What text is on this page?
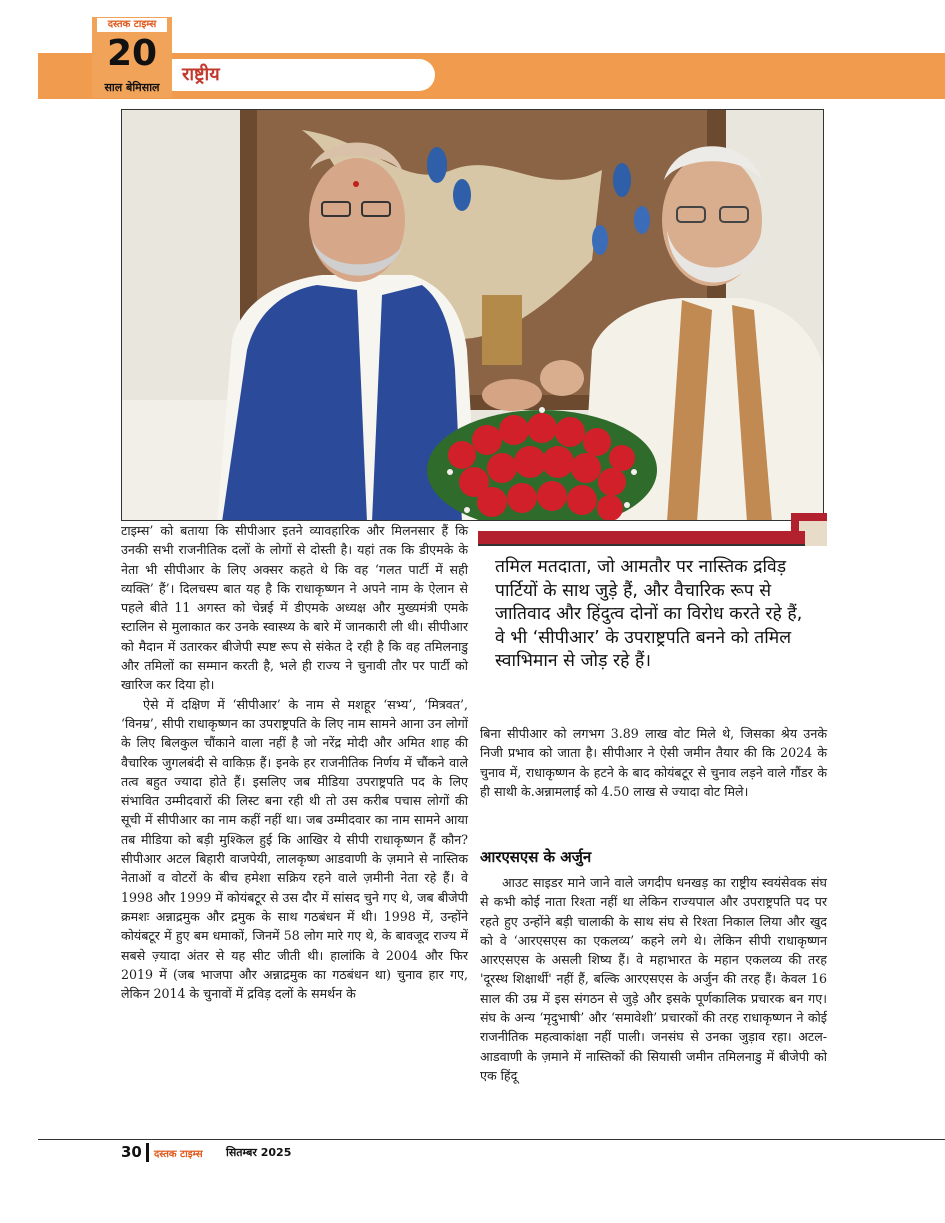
राष्ट्रीय
दस्तक टाइम्स
20
साल बेमिसाल

तमिल मतदाता, जो आमतौर पर नास्तिक द्रविड़ पार्टियों के साथ जुड़े हैं, और वैचारिक रूप से जातिवाद और हिंदुत्व दोनों का विरोध करते रहे हैं, वे भी ‘सीपीआर’ के उपराष्ट्रपति बनने को तमिल स्वाभिमान से जोड़ रहे हैं।

टाइम्स’ को बताया कि सीपीआर इतने व्यावहारिक और मिलनसार हैं कि उनकी सभी राजनीतिक दलों के लोगों से दोस्ती है। यहां तक कि डीएमके के नेता भी सीपीआर के लिए अक्सर कहते थे कि वह ‘गलत पार्टी में सही व्यक्ति’ हैं’। दिलचस्प बात यह है कि राधाकृष्णन ने अपने नाम के ऐलान से पहले बीते 11 अगस्त को चेन्नई में डीएमके अध्यक्ष और मुख्यमंत्री एमके स्टालिन से मुलाकात कर उनके स्वास्थ्य के बारे में जानकारी ली थी। सीपीआर को मैदान में उतारकर बीजेपी स्पष्ट रूप से संकेत दे रही है कि वह तमिलनाडु और तमिलों का सम्मान करती है, भले ही राज्य ने चुनावी तौर पर पार्टी को खारिज कर दिया हो।

ऐसे में दक्षिण में ‘सीपीआर’ के नाम से मशहूर ‘सभ्य’, ‘मित्रवत’, ‘विनम्र’, सीपी राधाकृष्णन का उपराष्ट्रपति के लिए नाम सामने आना उन लोगों के लिए बिलकुल चौंकाने वाला नहीं है जो नरेंद्र मोदी और अमित शाह की वैचारिक जुगलबंदी से वाकिफ़ हैं। इनके हर राजनीतिक निर्णय में चौंकने वाले तत्व बहुत ज्यादा होते हैं। इसलिए जब मीडिया उपराष्ट्रपति पद के लिए संभावित उम्मीदवारों की लिस्ट बना रही थी तो उस करीब पचास लोगों की सूची में सीपीआर का नाम कहीं नहीं था। जब उम्मीदवार का नाम सामने आया तब मीडिया को बड़ी मुश्किल हुई कि आखिर ये सीपी राधाकृष्णन हैं कौन? सीपीआर अटल बिहारी वाजपेयी, लालकृष्ण आडवाणी के ज़माने से नास्तिक नेताओं व वोटरों के बीच हमेशा सक्रिय रहने वाले ज़मीनी नेता रहे हैं। वे 1998 और 1999 में कोयंबटूर से उस दौर में सांसद चुने गए थे, जब बीजेपी क्रमशः अन्नाद्रमुक और द्रमुक के साथ गठबंधन में थी। 1998 में, उन्होंने कोयंबटूर में हुए बम धमाकों, जिनमें 58 लोग मारे गए थे, के बावजूद राज्य में सबसे ज़्यादा अंतर से यह सीट जीती थी। हालांकि वे 2004 और फिर 2019 में (जब भाजपा और अन्नाद्रमुक का गठबंधन था) चुनाव हार गए, लेकिन 2014 के चुनावों में द्रविड़ दलों के समर्थन के

बिना सीपीआर को लगभग 3.89 लाख वोट मिले थे, जिसका श्रेय उनके निजी प्रभाव को जाता है। सीपीआर ने ऐसी जमीन तैयार की कि 2024 के चुनाव में, राधाकृष्णन के हटने के बाद कोयंबटूर से चुनाव लड़ने वाले गौंडर के ही साथी के.अन्नामलाई को 4.50 लाख से ज्यादा वोट मिले।

आरएसएस के अर्जुन

आउट साइडर माने जाने वाले जगदीप धनखड़ का राष्ट्रीय स्वयंसेवक संघ से कभी कोई नाता रिश्ता नहीं था लेकिन राज्यपाल और उपराष्ट्रपति पद पर रहते हुए उन्होंने बड़ी चालाकी के साथ संघ से रिश्ता निकाल लिया और खुद को वे ‘आरएसएस का एकलव्य’ कहने लगे थे। लेकिन सीपी राधाकृष्णन आरएसएस के असली शिष्य हैं। वे महाभारत के महान एकलव्य की तरह 'दूरस्थ शिक्षार्थी' नहीं हैं, बल्कि आरएसएस के अर्जुन की तरह हैं। केवल 16 साल की उम्र में इस संगठन से जुड़े और इसके पूर्णकालिक प्रचारक बन गए। संघ के अन्य ‘मृदुभाषी’ और ‘समावेशी’ प्रचारकों की तरह राधाकृष्णन ने कोई राजनीतिक महत्वाकांक्षा नहीं पाली। जनसंघ से उनका जुड़ाव रहा। अटल-आडवाणी के ज़माने में नास्तिकों की सियासी जमीन तमिलनाडु में बीजेपी को एक हिंदू

30 दस्तक टाइम्स सितम्बर 2025
